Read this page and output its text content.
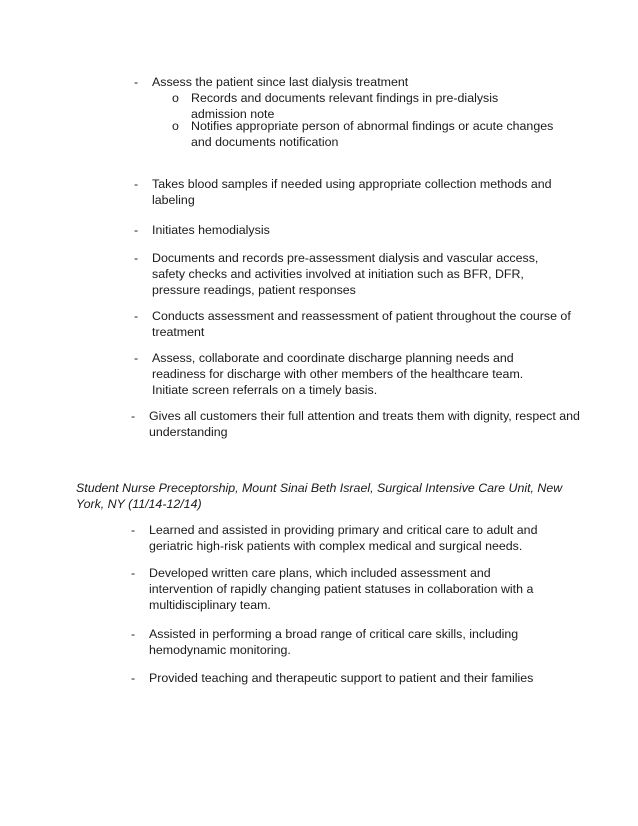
- Assess the patient since last dialysis treatment
o Records and documents relevant findings in pre-dialysis admission note
o Notifies appropriate person of abnormal findings or acute changes and documents notification
- Takes blood samples if needed using appropriate collection methods and labeling
- Initiates hemodialysis
- Documents and records pre-assessment dialysis and vascular access, safety checks and activities involved at initiation such as BFR, DFR, pressure readings, patient responses
- Conducts assessment and reassessment of patient throughout the course of treatment
- Assess, collaborate and coordinate discharge planning needs and readiness for discharge with other members of the healthcare team. Initiate screen referrals on a timely basis.
- Gives all customers their full attention and treats them with dignity, respect and understanding
Student Nurse Preceptorship, Mount Sinai Beth Israel, Surgical Intensive Care Unit, New York, NY (11/14-12/14)
- Learned and assisted in providing primary and critical care to adult and geriatric high-risk patients with complex medical and surgical needs.
- Developed written care plans, which included assessment and intervention of rapidly changing patient statuses in collaboration with a multidisciplinary team.
- Assisted in performing a broad range of critical care skills, including hemodynamic monitoring.
- Provided teaching and therapeutic support to patient and their families
